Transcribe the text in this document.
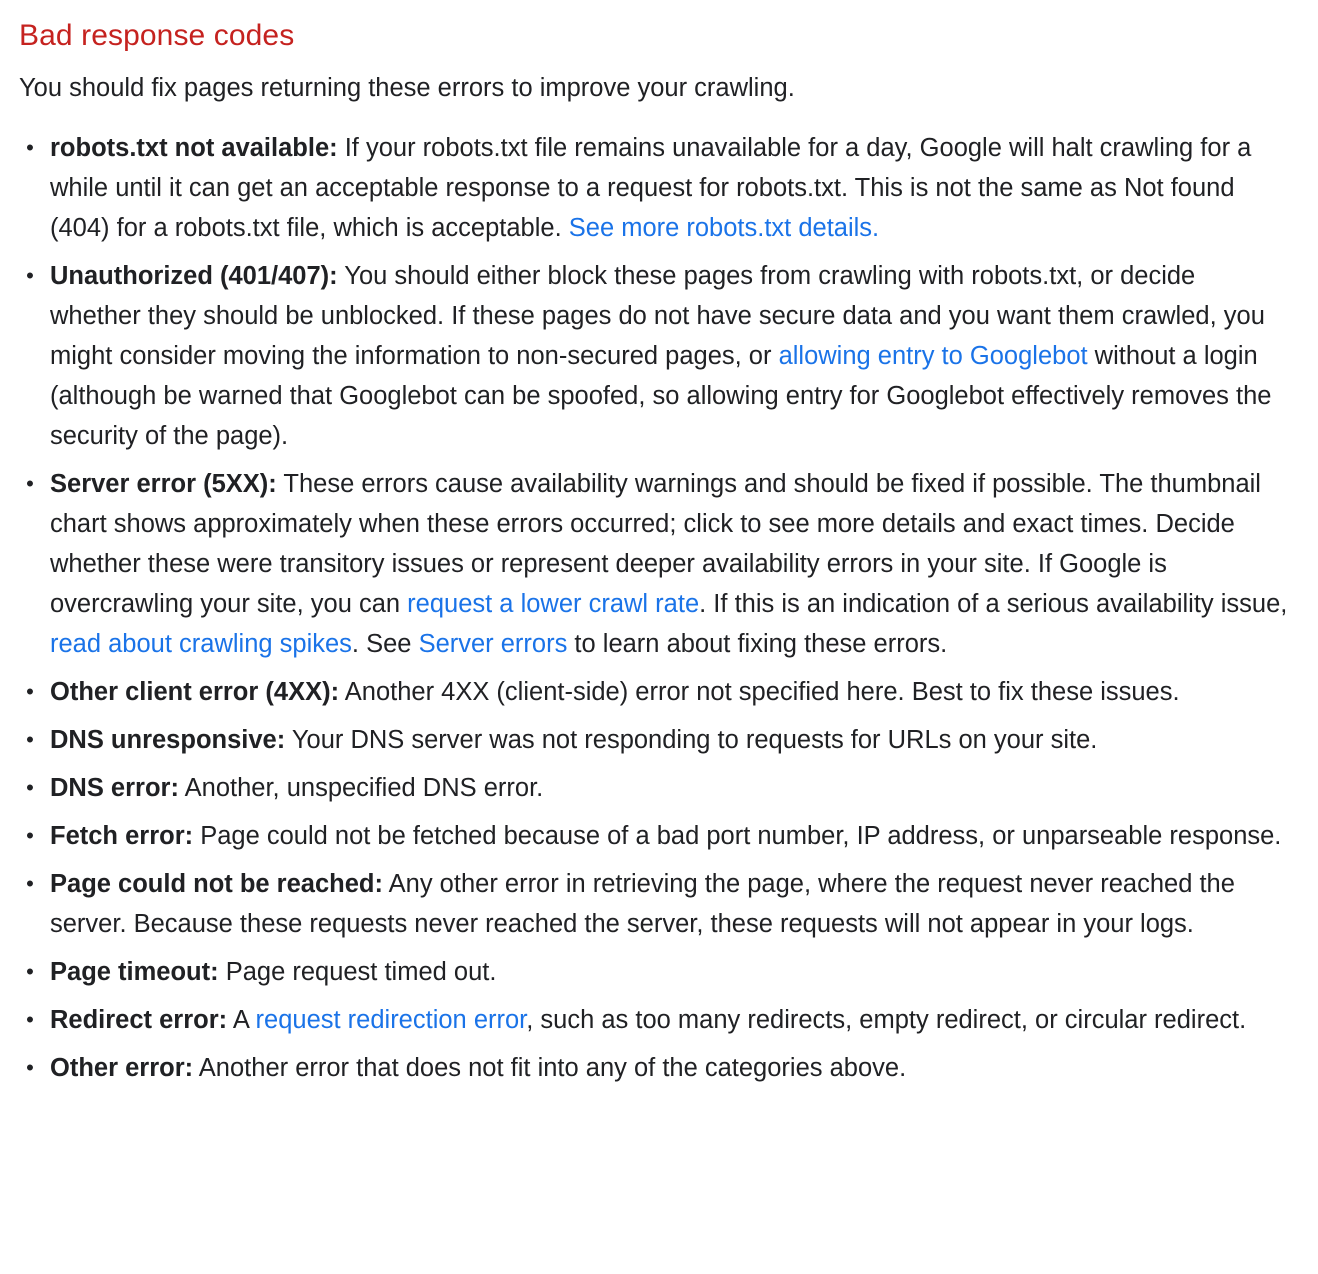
Bad response codes

You should fix pages returning these errors to improve your crawling.

• robots.txt not available: If your robots.txt file remains unavailable for a day, Google will halt crawling for a while until it can get an acceptable response to a request for robots.txt. This is not the same as Not found (404) for a robots.txt file, which is acceptable. See more robots.txt details.
• Unauthorized (401/407): You should either block these pages from crawling with robots.txt, or decide whether they should be unblocked. If these pages do not have secure data and you want them crawled, you might consider moving the information to non-secured pages, or allowing entry to Googlebot without a login (although be warned that Googlebot can be spoofed, so allowing entry for Googlebot effectively removes the security of the page).
• Server error (5XX): These errors cause availability warnings and should be fixed if possible. The thumbnail chart shows approximately when these errors occurred; click to see more details and exact times. Decide whether these were transitory issues or represent deeper availability errors in your site. If Google is overcrawling your site, you can request a lower crawl rate. If this is an indication of a serious availability issue, read about crawling spikes. See Server errors to learn about fixing these errors.
• Other client error (4XX): Another 4XX (client-side) error not specified here. Best to fix these issues.
• DNS unresponsive: Your DNS server was not responding to requests for URLs on your site.
• DNS error: Another, unspecified DNS error.
• Fetch error: Page could not be fetched because of a bad port number, IP address, or unparseable response.
• Page could not be reached: Any other error in retrieving the page, where the request never reached the server. Because these requests never reached the server, these requests will not appear in your logs.
• Page timeout: Page request timed out.
• Redirect error: A request redirection error, such as too many redirects, empty redirect, or circular redirect.
• Other error: Another error that does not fit into any of the categories above.
